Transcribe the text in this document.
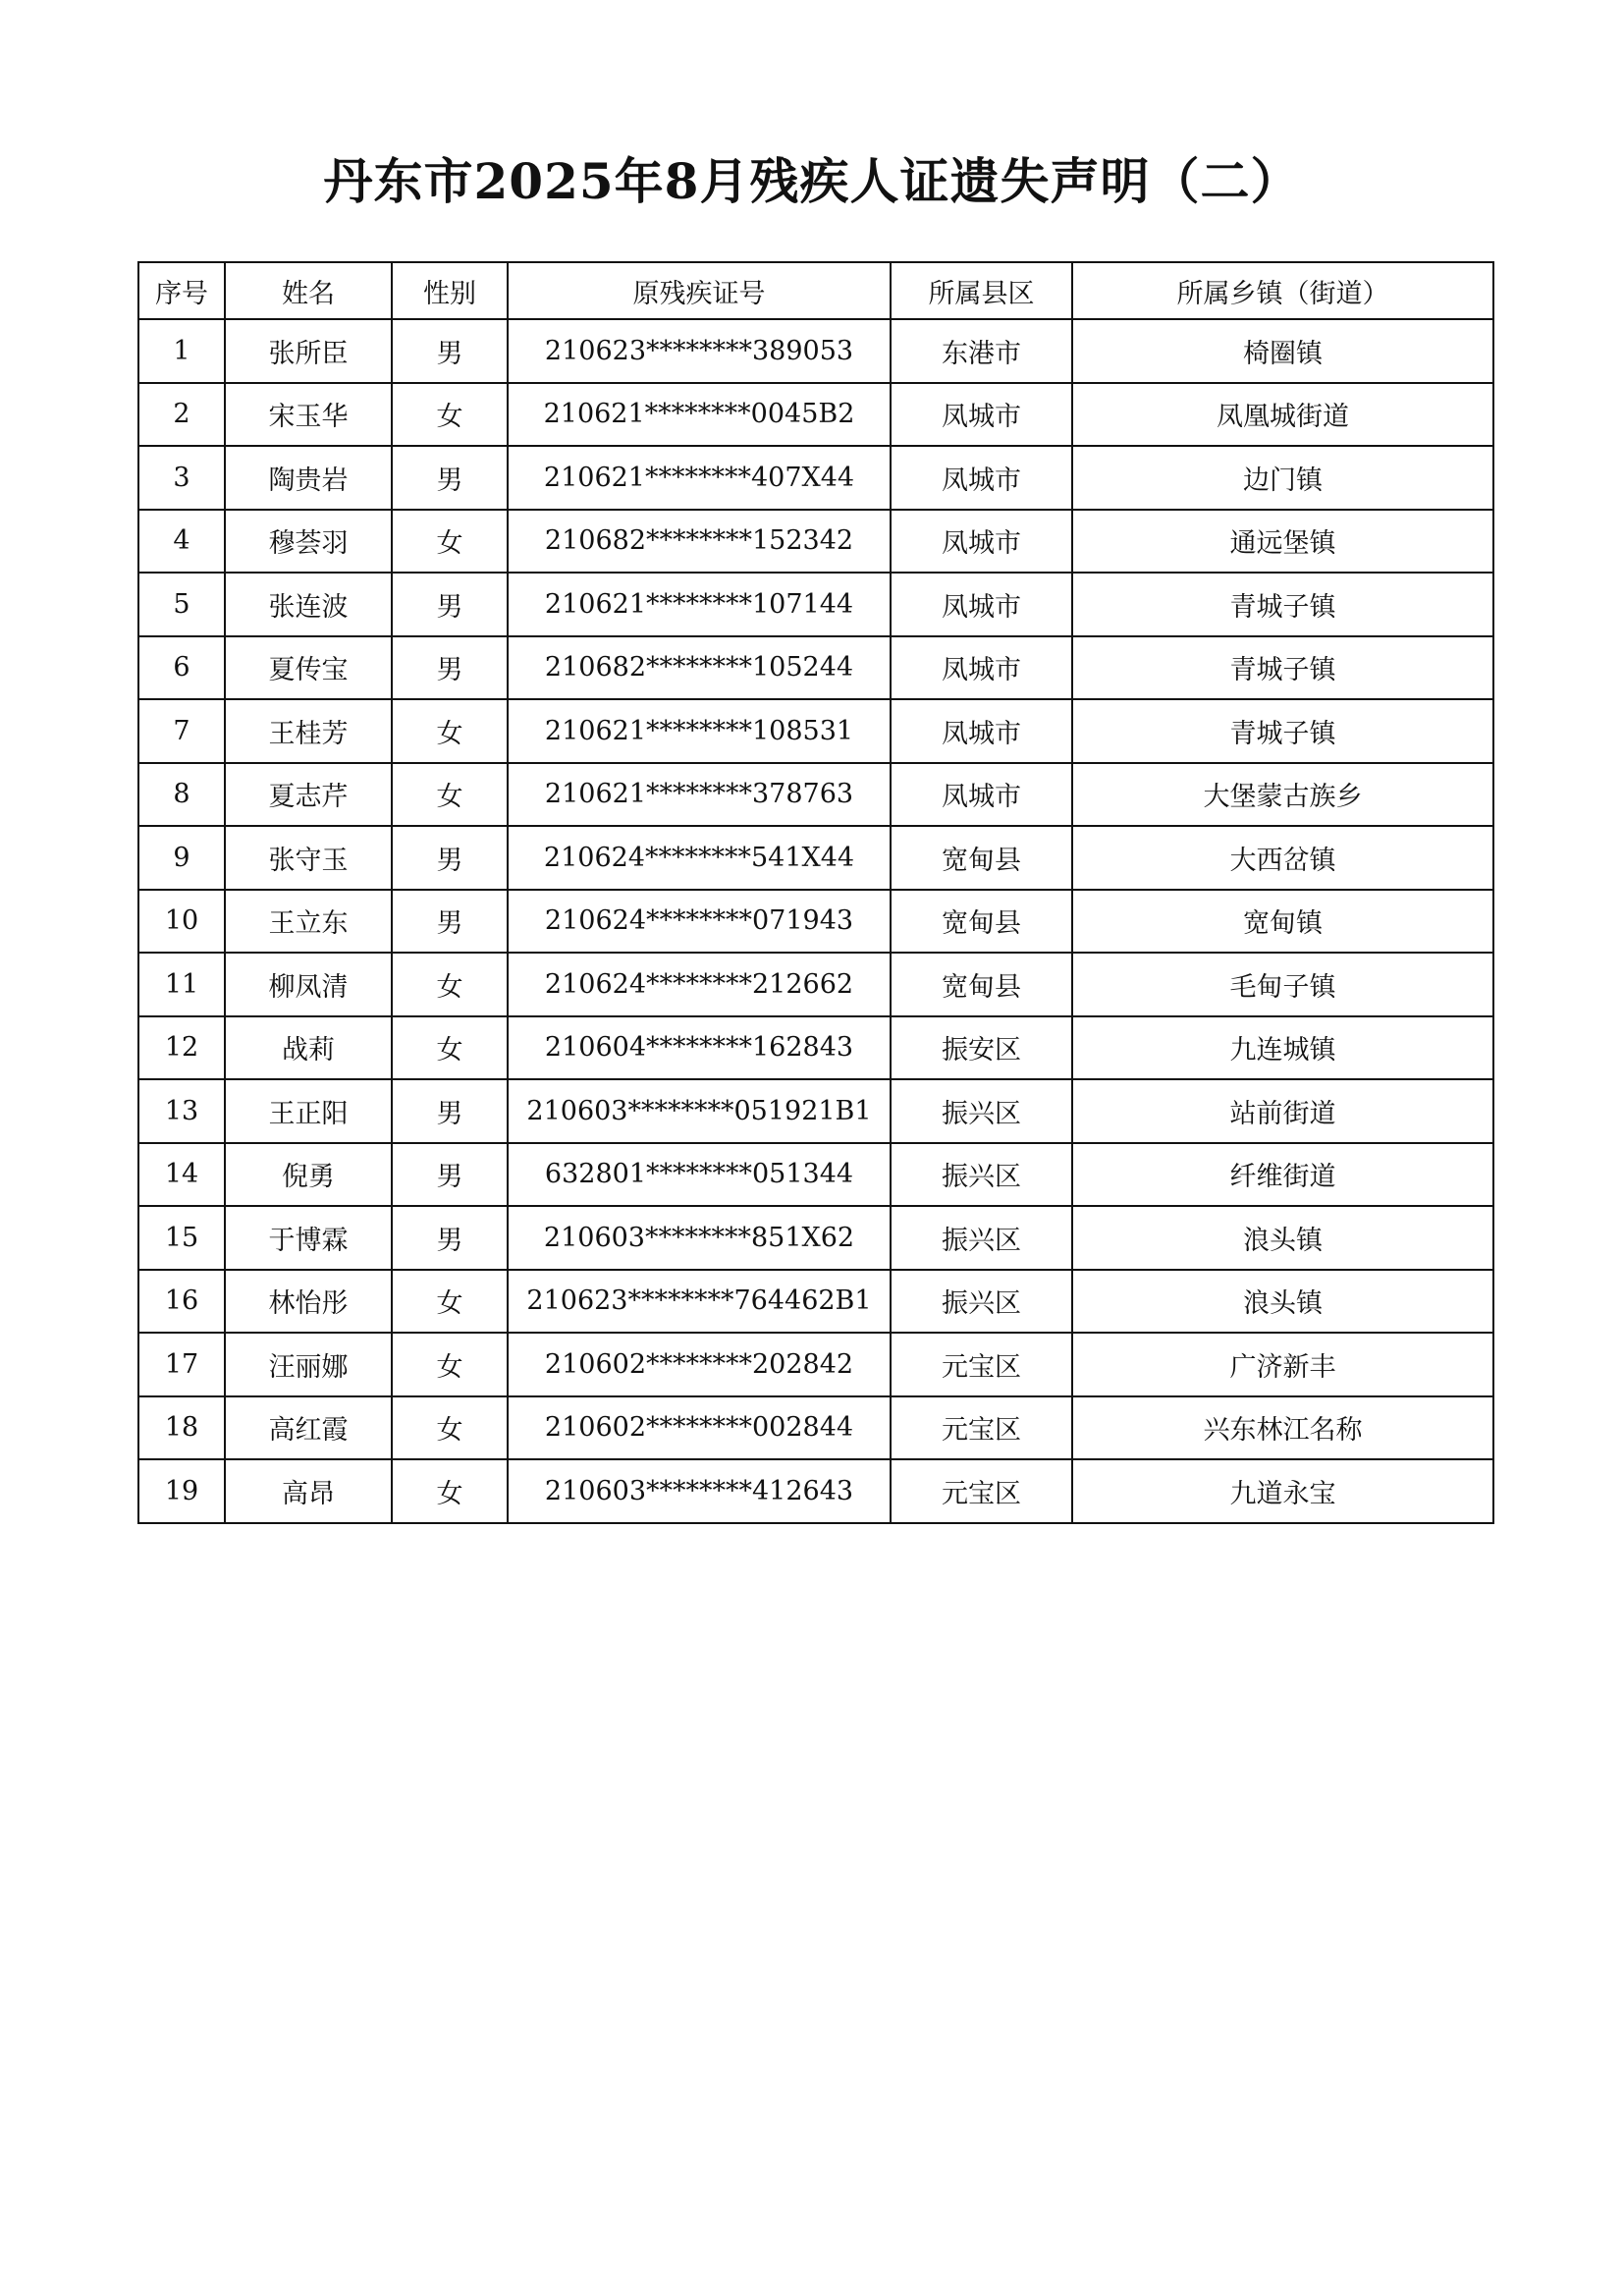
丹东市2025年8月残疾人证遗失声明（二）
序号	姓名	性别	原残疾证号	所属县区	所属乡镇（街道）
1	张所臣	男	210623********389053	东港市	椅圈镇
2	宋玉华	女	210621********0045B2	凤城市	凤凰城街道
3	陶贵岩	男	210621********407X44	凤城市	边门镇
4	穆荟羽	女	210682********152342	凤城市	通远堡镇
5	张连波	男	210621********107144	凤城市	青城子镇
6	夏传宝	男	210682********105244	凤城市	青城子镇
7	王桂芳	女	210621********108531	凤城市	青城子镇
8	夏志芹	女	210621********378763	凤城市	大堡蒙古族乡
9	张守玉	男	210624********541X44	宽甸县	大西岔镇
10	王立东	男	210624********071943	宽甸县	宽甸镇
11	柳凤清	女	210624********212662	宽甸县	毛甸子镇
12	战莉	女	210604********162843	振安区	九连城镇
13	王正阳	男	210603********051921B1	振兴区	站前街道
14	倪勇	男	632801********051344	振兴区	纤维街道
15	于博霖	男	210603********851X62	振兴区	浪头镇
16	林怡彤	女	210623********764462B1	振兴区	浪头镇
17	汪丽娜	女	210602********202842	元宝区	广济新丰
18	高红霞	女	210602********002844	元宝区	兴东林江名称
19	高昂	女	210603********412643	元宝区	九道永宝
